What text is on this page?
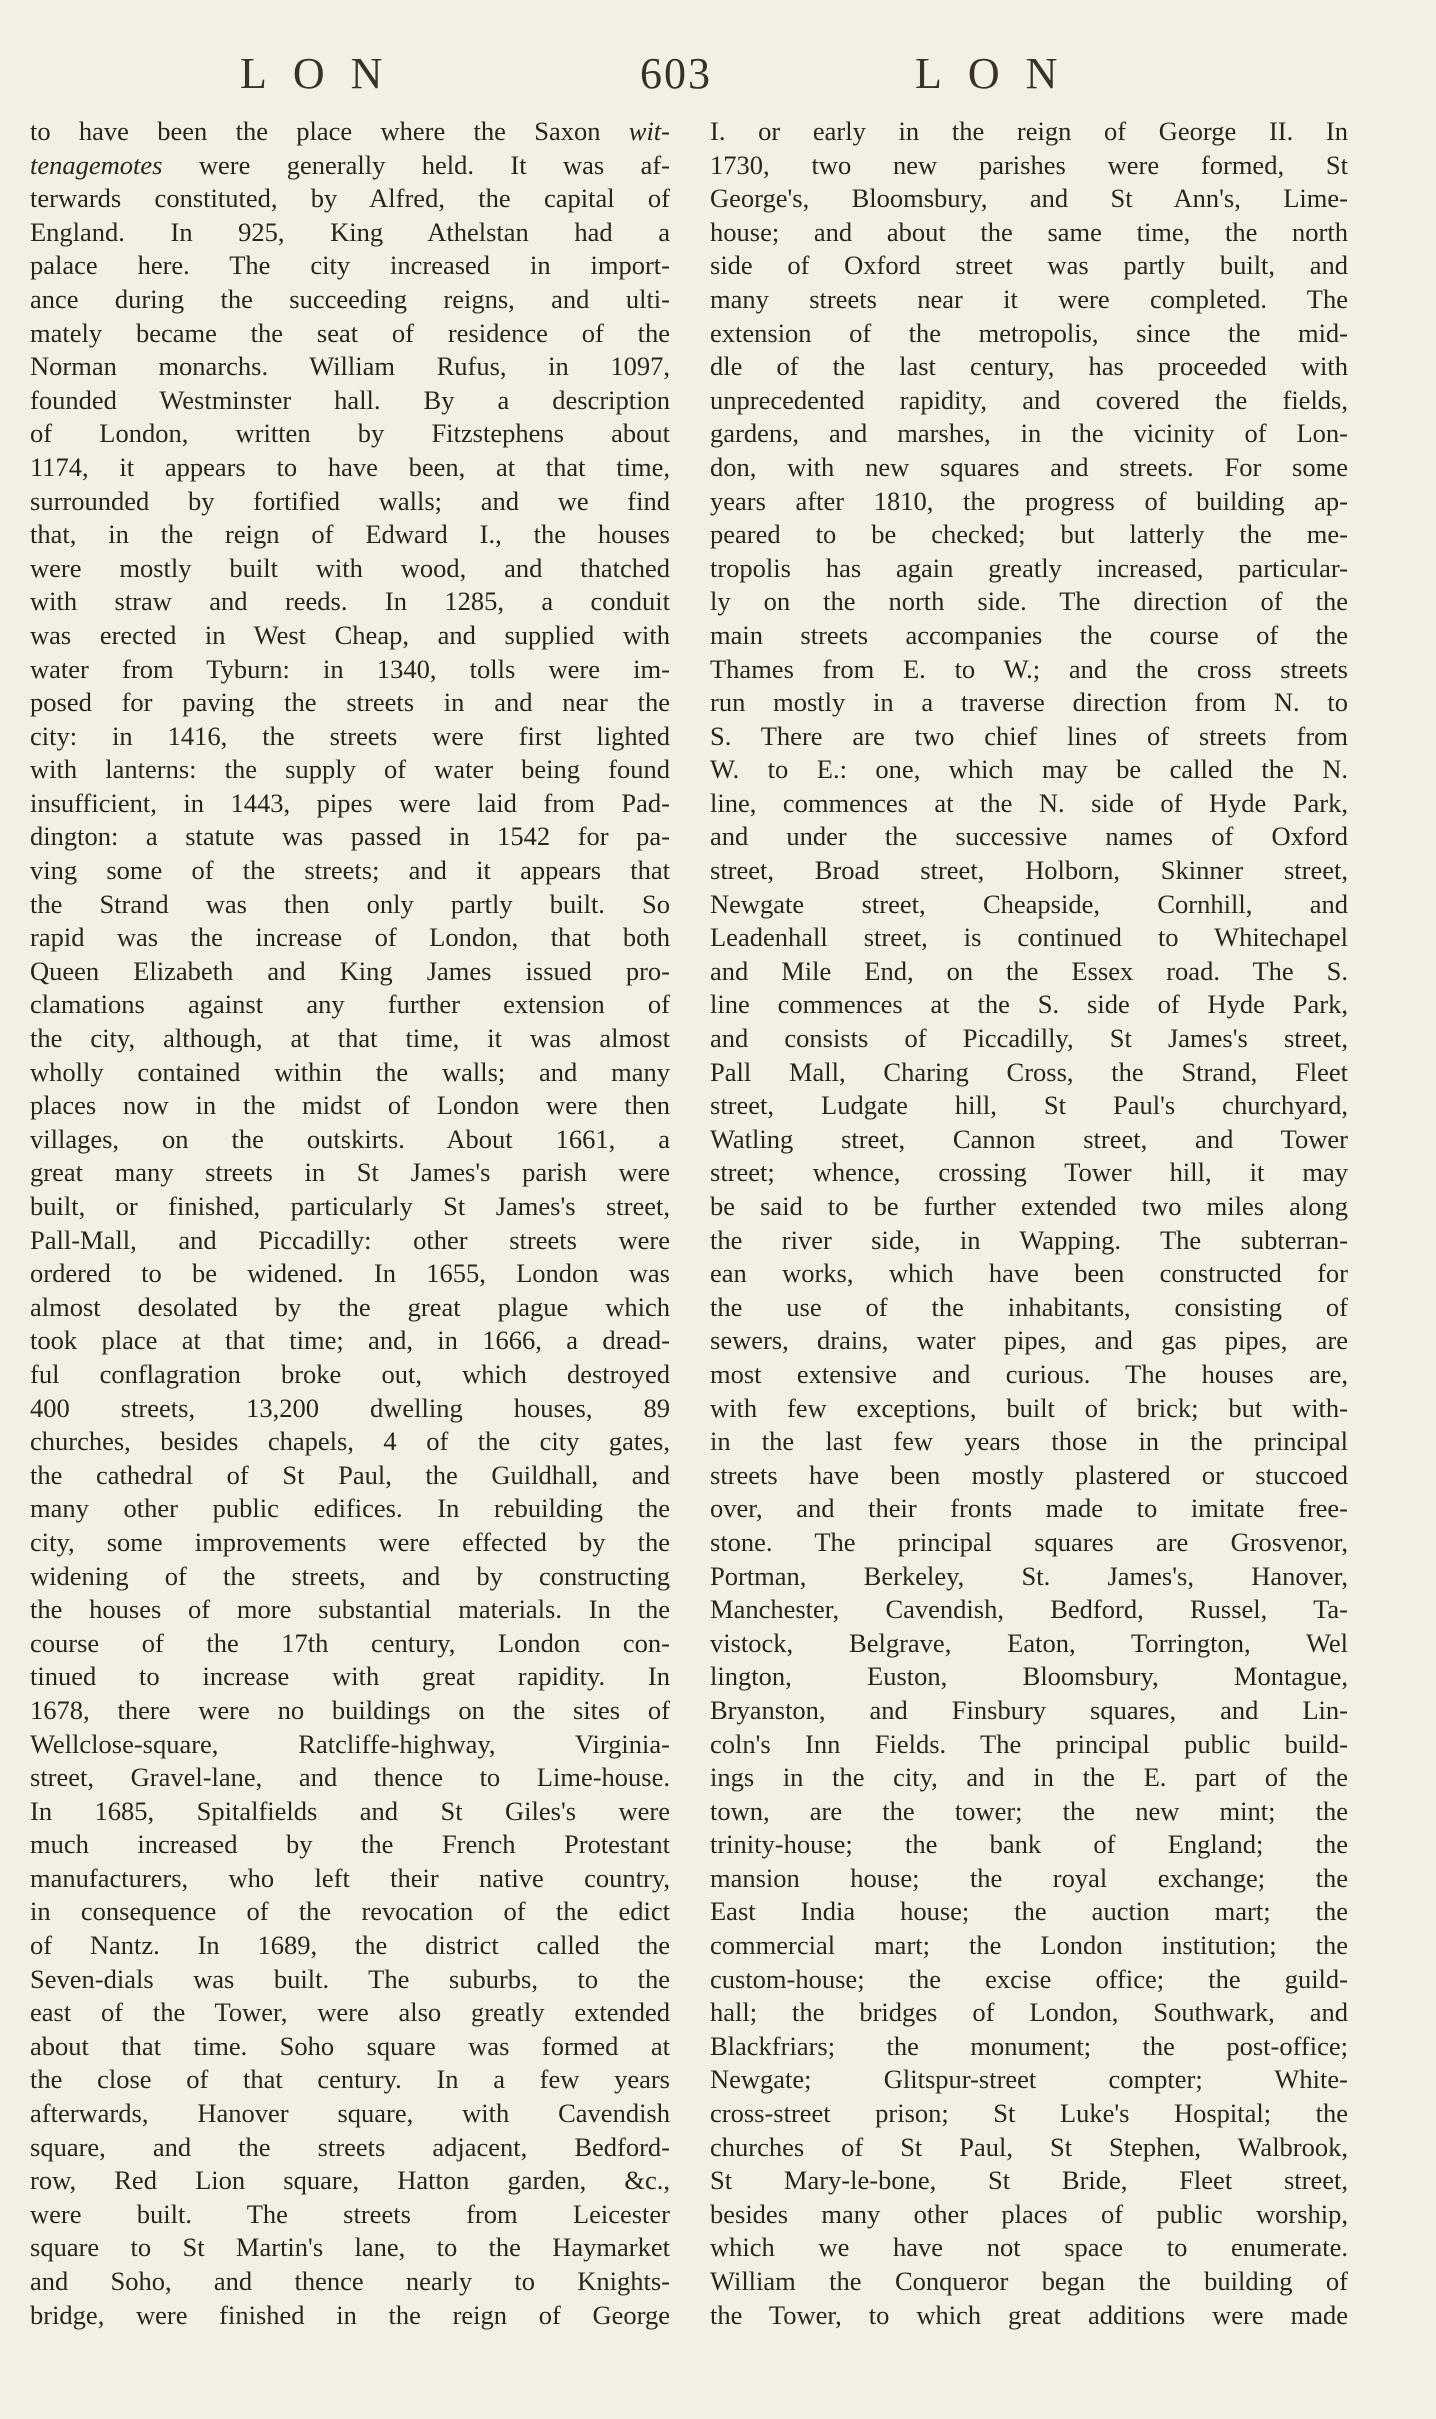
LON	603	LON
to have been the place where the Saxon wit-
tenagemotes were generally held. It was af-
terwards constituted, by Alfred, the capital of
England. In 925, King Athelstan had a
palace here. The city increased in import-
ance during the succeeding reigns, and ulti-
mately became the seat of residence of the
Norman monarchs. William Rufus, in 1097,
founded Westminster hall. By a description
of London, written by Fitzstephens about
1174, it appears to have been, at that time,
surrounded by fortified walls; and we find
that, in the reign of Edward I., the houses
were mostly built with wood, and thatched
with straw and reeds. In 1285, a conduit
was erected in West Cheap, and supplied with
water from Tyburn: in 1340, tolls were im-
posed for paving the streets in and near the
city: in 1416, the streets were first lighted
with lanterns: the supply of water being found
insufficient, in 1443, pipes were laid from Pad-
dington: a statute was passed in 1542 for pa-
ving some of the streets; and it appears that
the Strand was then only partly built. So
rapid was the increase of London, that both
Queen Elizabeth and King James issued pro-
clamations against any further extension of
the city, although, at that time, it was almost
wholly contained within the walls; and many
places now in the midst of London were then
villages, on the outskirts. About 1661, a
great many streets in St James's parish were
built, or finished, particularly St James's street,
Pall-Mall, and Piccadilly: other streets were
ordered to be widened. In 1655, London was
almost desolated by the great plague which
took place at that time; and, in 1666, a dread-
ful conflagration broke out, which destroyed
400 streets, 13,200 dwelling houses, 89
churches, besides chapels, 4 of the city gates,
the cathedral of St Paul, the Guildhall, and
many other public edifices. In rebuilding the
city, some improvements were effected by the
widening of the streets, and by constructing
the houses of more substantial materials. In the
course of the 17th century, London con-
tinued to increase with great rapidity. In
1678, there were no buildings on the sites of
Wellclose-square, Ratcliffe-highway, Virginia-
street, Gravel-lane, and thence to Lime-house.
In 1685, Spitalfields and St Giles's were
much increased by the French Protestant
manufacturers, who left their native country,
in consequence of the revocation of the edict
of Nantz. In 1689, the district called the
Seven-dials was built. The suburbs, to the
east of the Tower, were also greatly extended
about that time. Soho square was formed at
the close of that century. In a few years
afterwards, Hanover square, with Cavendish
square, and the streets adjacent, Bedford-
row, Red Lion square, Hatton garden, &c.,
were built. The streets from Leicester
square to St Martin's lane, to the Haymarket
and Soho, and thence nearly to Knights-
bridge, were finished in the reign of George
I. or early in the reign of George II. In
1730, two new parishes were formed, St
George's, Bloomsbury, and St Ann's, Lime-
house; and about the same time, the north
side of Oxford street was partly built, and
many streets near it were completed. The
extension of the metropolis, since the mid-
dle of the last century, has proceeded with
unprecedented rapidity, and covered the fields,
gardens, and marshes, in the vicinity of Lon-
don, with new squares and streets. For some
years after 1810, the progress of building ap-
peared to be checked; but latterly the me-
tropolis has again greatly increased, particular-
ly on the north side. The direction of the
main streets accompanies the course of the
Thames from E. to W.; and the cross streets
run mostly in a traverse direction from N. to
S. There are two chief lines of streets from
W. to E.: one, which may be called the N.
line, commences at the N. side of Hyde Park,
and under the successive names of Oxford
street, Broad street, Holborn, Skinner street,
Newgate street, Cheapside, Cornhill, and
Leadenhall street, is continued to Whitechapel
and Mile End, on the Essex road. The S.
line commences at the S. side of Hyde Park,
and consists of Piccadilly, St James's street,
Pall Mall, Charing Cross, the Strand, Fleet
street, Ludgate hill, St Paul's churchyard,
Watling street, Cannon street, and Tower
street; whence, crossing Tower hill, it may
be said to be further extended two miles along
the river side, in Wapping. The subterran-
ean works, which have been constructed for
the use of the inhabitants, consisting of
sewers, drains, water pipes, and gas pipes, are
most extensive and curious. The houses are,
with few exceptions, built of brick; but with-
in the last few years those in the principal
streets have been mostly plastered or stuccoed
over, and their fronts made to imitate free-
stone. The principal squares are Grosvenor,
Portman, Berkeley, St. James's, Hanover,
Manchester, Cavendish, Bedford, Russel, Ta-
vistock, Belgrave, Eaton, Torrington, Wel
lington, Euston, Bloomsbury, Montague,
Bryanston, and Finsbury squares, and Lin-
coln's Inn Fields. The principal public build-
ings in the city, and in the E. part of the
town, are the tower; the new mint; the
trinity-house; the bank of England; the
mansion house; the royal exchange; the
East India house; the auction mart; the
commercial mart; the London institution; the
custom-house; the excise office; the guild-
hall; the bridges of London, Southwark, and
Blackfriars; the monument; the post-office;
Newgate; Glitspur-street compter; White-
cross-street prison; St Luke's Hospital; the
churches of St Paul, St Stephen, Walbrook,
St Mary-le-bone, St Bride, Fleet street,
besides many other places of public worship,
which we have not space to enumerate.
William the Conqueror began the building of
the Tower, to which great additions were made
